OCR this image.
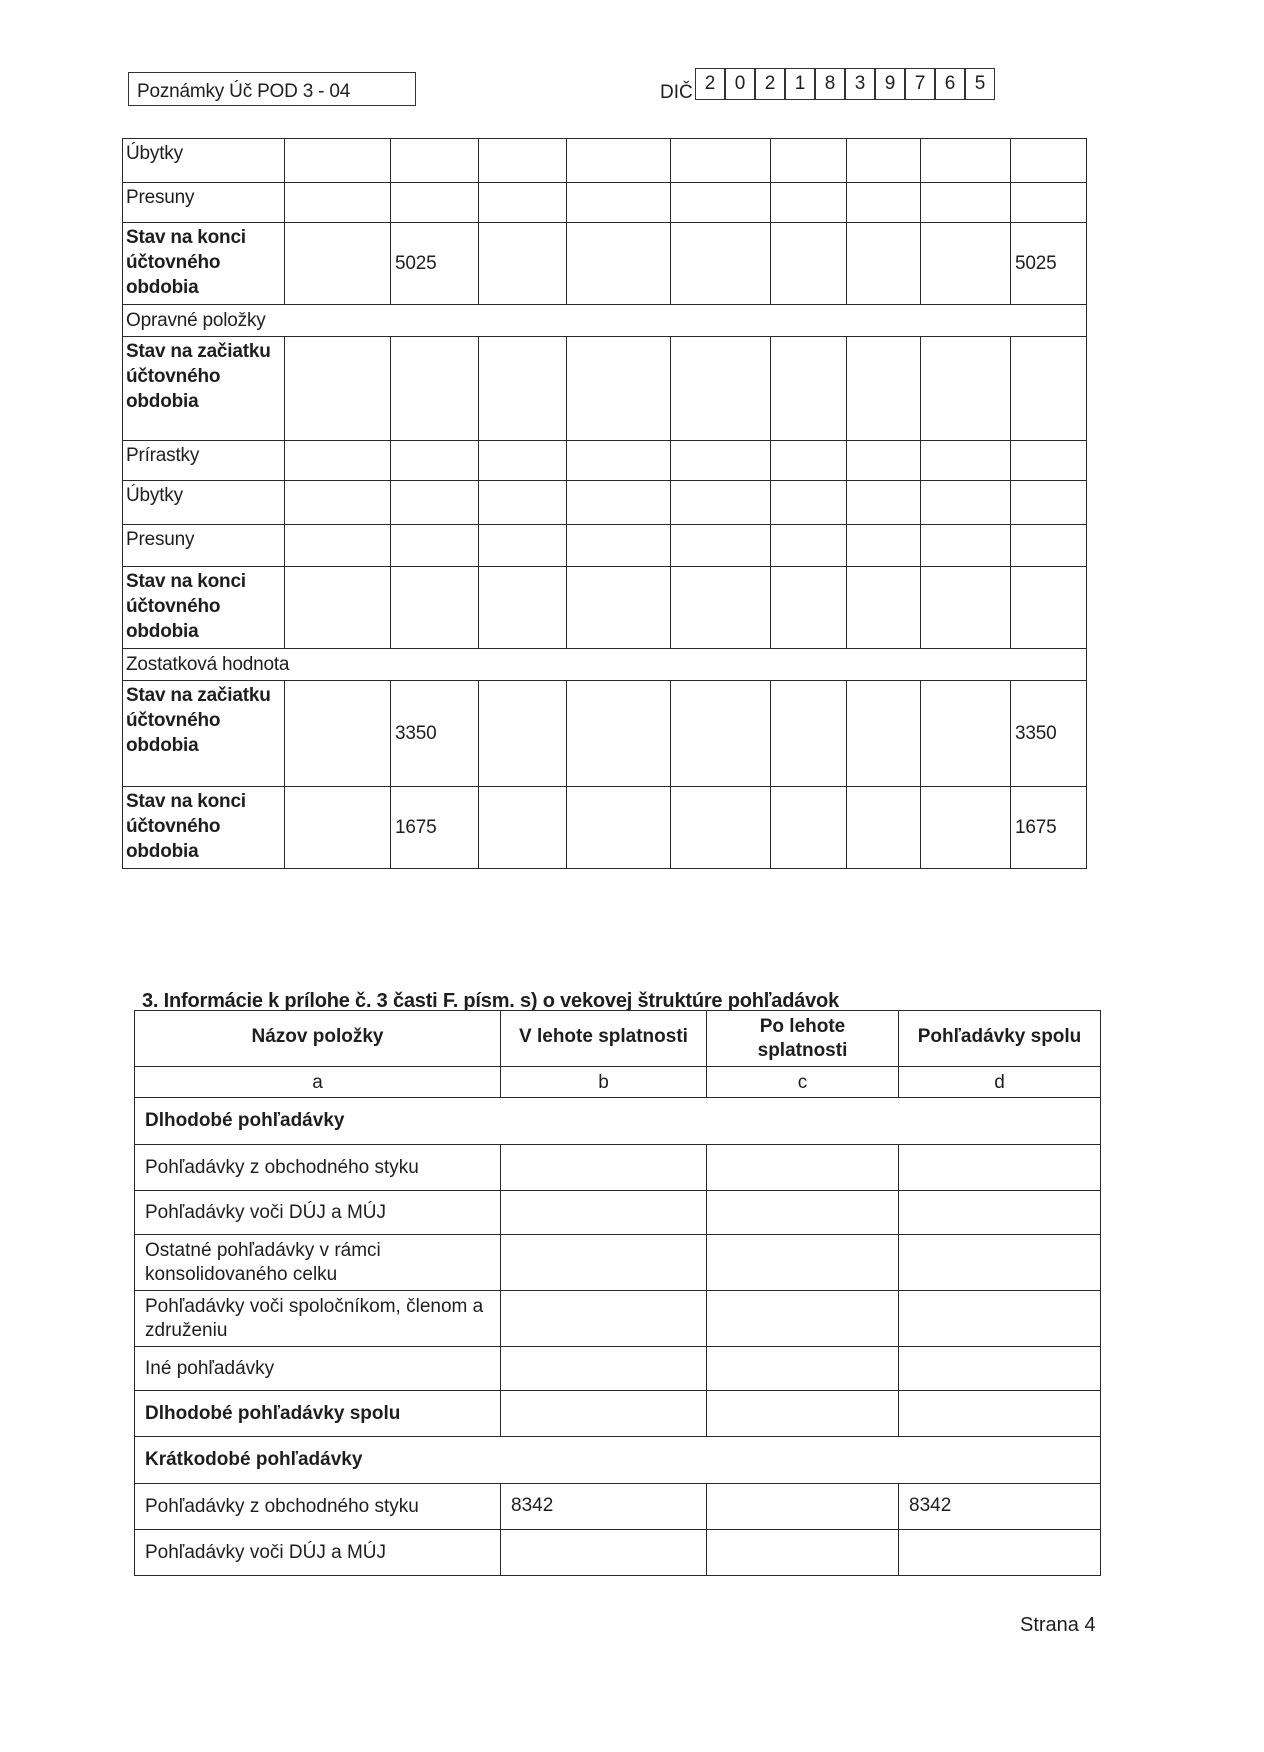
Poznámky Úč POD 3 - 04	DIČ 2	0	2	1	8	3	9	7	6	5
Úbytky									
Presuny									
Stav na konci účtovného obdobia		5025							5025
Opravné položky									
Stav na začiatku účtovného obdobia									
Prírastky									
Úbytky									
Presuny									
Stav na konci účtovného obdobia									
Zostatková hodnota									
Stav na začiatku účtovného obdobia		3350							3350
Stav na konci účtovného obdobia		1675							1675
3. Informácie k prílohe č. 3 časti F. písm. s) o vekovej štruktúre pohľadávok
Názov položky	V lehote splatnosti	Po lehote splatnosti	Pohľadávky spolu
a	b	c	d
Dlhodobé pohľadávky			
Pohľadávky z obchodného styku			
Pohľadávky voči DÚJ a MÚJ			
Ostatné pohľadávky v rámci konsolidovaného celku			
Pohľadávky voči spoločníkom, členom a združeniu			
Iné pohľadávky			
Dlhodobé pohľadávky spolu			
Krátkodobé pohľadávky			
Pohľadávky z obchodného styku	8342		8342
Pohľadávky voči DÚJ a MÚJ			
Strana 4
